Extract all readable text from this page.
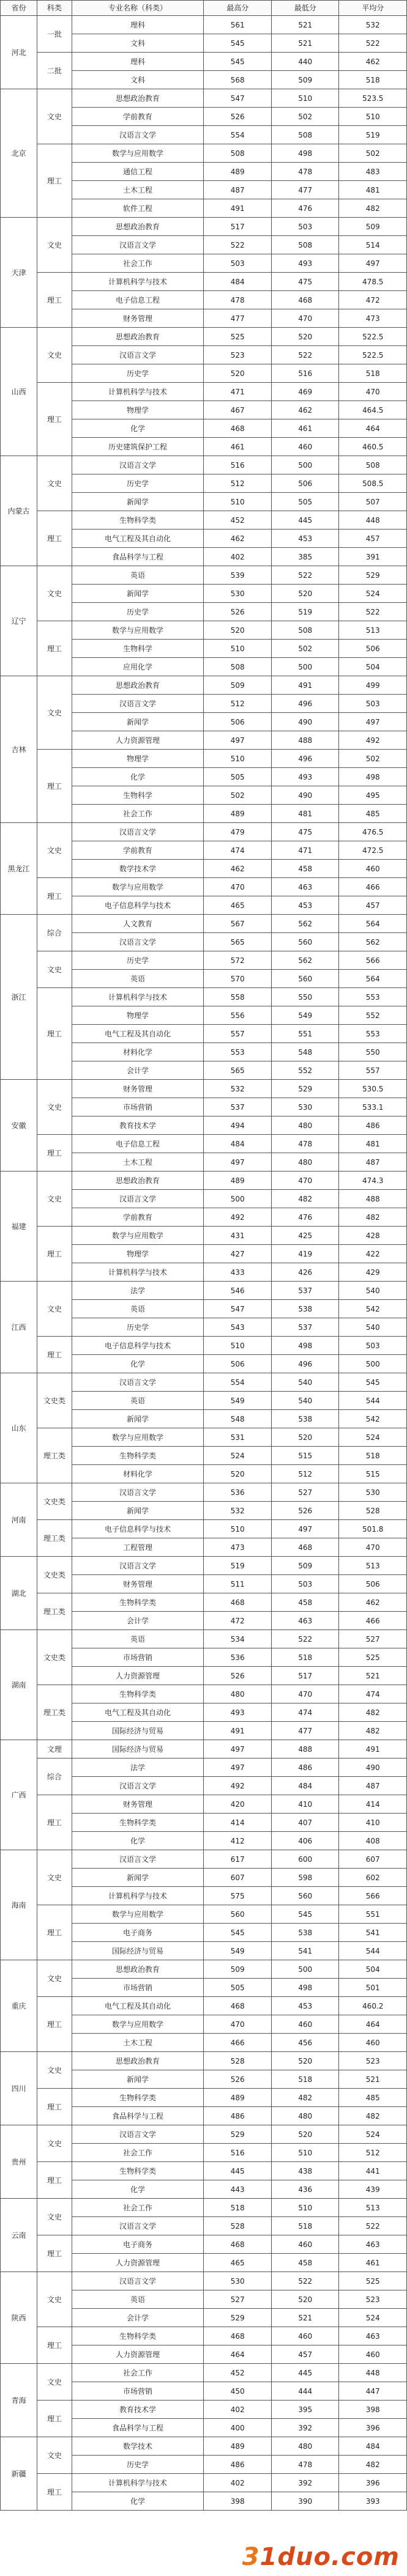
省份	科类	专业名称（科类）	最高分	最低分	平均分
河北	一批	理科	561	521	532
		文科	545	521	522
	二批	理科	545	440	462
		文科	568	509	518
北京	文史	思想政治教育	547	510	523.5
		学前教育	526	502	510
		汉语言文学	554	508	519
	理工	数学与应用数学	508	498	502
		通信工程	489	478	483
		土木工程	487	477	481
		软件工程	491	476	482
天津	文史	思想政治教育	517	503	509
		汉语言文学	522	508	514
		社会工作	503	493	497
	理工	计算机科学与技术	484	475	478.5
		电子信息工程	478	468	472
		财务管理	477	470	473
山西	文史	思想政治教育	525	520	522.5
		汉语言文学	523	522	522.5
		历史学	520	516	518
	理工	计算机科学与技术	471	469	470
		物理学	467	462	464.5
		化学	468	461	464
		历史建筑保护工程	461	460	460.5
内蒙古	文史	汉语言文学	516	500	508
		历史学	512	506	508.5
		新闻学	510	505	507
	理工	生物科学类	452	445	448
		电气工程及其自动化	462	453	457
		食品科学与工程	402	385	391
辽宁	文史	英语	539	522	529
		新闻学	530	520	524
		历史学	526	519	522
	理工	数学与应用数学	520	508	513
		生物科学	510	502	506
		应用化学	508	500	504
吉林	文史	思想政治教育	509	491	499
		汉语言文学	512	496	503
		新闻学	506	490	497
		人力资源管理	497	488	492
	理工	物理学	510	496	502
		化学	505	493	498
		生物科学	502	490	495
		社会工作	489	481	485
黑龙江	文史	汉语言文学	479	475	476.5
		学前教育	474	471	472.5
		数学技术学	462	458	460
	理工	数学与应用数学	470	463	466
		电子信息科学与技术	465	453	457
浙江	综合	人文教育	567	562	564
		汉语言文学	565	560	562
	文史	历史学	572	562	566
		英语	570	560	564
	理工	计算机科学与技术	558	550	553
		物理学	556	549	552
		电气工程及其自动化	557	551	553
		材料化学	553	548	550
		会计学	565	552	557
安徽	文史	财务管理	532	529	530.5
		市场营销	537	530	533.1
		教育技术学	494	480	486
	理工	电子信息工程	484	478	481
		土木工程	497	480	487
福建	文史	思想政治教育	489	470	474.3
		汉语言文学	500	482	488
		学前教育	492	476	482
	理工	数学与应用数学	431	425	428
		物理学	427	419	422
		计算机科学与技术	433	426	429
江西	文史	法学	546	537	540
		英语	547	538	542
		历史学	543	537	540
	理工	电子信息科学与技术	510	498	503
		化学	506	496	500
山东	文史类	汉语言文学	554	540	545
		英语	549	540	544
		新闻学	548	538	542
	理工类	数学与应用数学	531	520	524
		生物科学类	524	515	518
		材料化学	520	512	515
河南	文史类	汉语言文学	536	527	530
		新闻学	532	526	528
	理工类	电子信息科学与技术	510	497	501.8
		工程管理	473	468	470
湖北	文史类	汉语言文学	519	509	513
		财务管理	511	503	506
	理工类	生物科学类	468	458	462
		会计学	472	463	466
湖南	文史类	英语	534	522	527
		市场营销	536	518	525
		人力资源管理	526	517	521
	理工类	生物科学类	480	470	474
		电气工程及其自动化	493	474	482
		国际经济与贸易	491	477	482
广西	文理	国际经济与贸易	497	488	491
	综合	法学	497	486	490
		汉语言文学	492	484	487
	理工	财务管理	420	410	414
		生物科学类	414	407	410
		化学	412	406	408
海南	文史	汉语言文学	617	600	607
		新闻学	607	598	602
		计算机科学与技术	575	560	566
	理工	数学与应用数学	560	545	551
		电子商务	545	538	541
		国际经济与贸易	549	541	544
重庆	文史	思想政治教育	509	500	504
		市场营销	505	498	501
	理工	电气工程及其自动化	468	453	460.2
		数学与应用数学	470	460	464
		土木工程	466	456	460
四川	文史	思想政治教育	528	520	523
		新闻学	526	518	521
	理工	生物科学类	489	482	485
		食品科学与工程	486	480	482
贵州	文史	汉语言文学	529	520	524
		社会工作	516	510	512
	理工	生物科学类	445	438	441
		化学	443	436	439
云南	文史	社会工作	518	510	513
		汉语言文学	528	518	522
	理工	电子商务	468	460	463
		人力资源管理	465	458	461
陕西	文史	汉语言文学	530	522	525
		英语	527	520	523
		会计学	529	521	524
	理工	生物科学类	468	460	463
		人力资源管理	464	457	460
青海	文史	社会工作	452	445	448
		市场营销	450	444	447
	理工	教育技术学	402	395	398
		食品科学与工程	400	392	396
新疆	文史	数学技术	489	480	484
		历史学	486	478	482
	理工	计算机科学与技术	402	392	396
		化学	398	390	393
31duo.com
